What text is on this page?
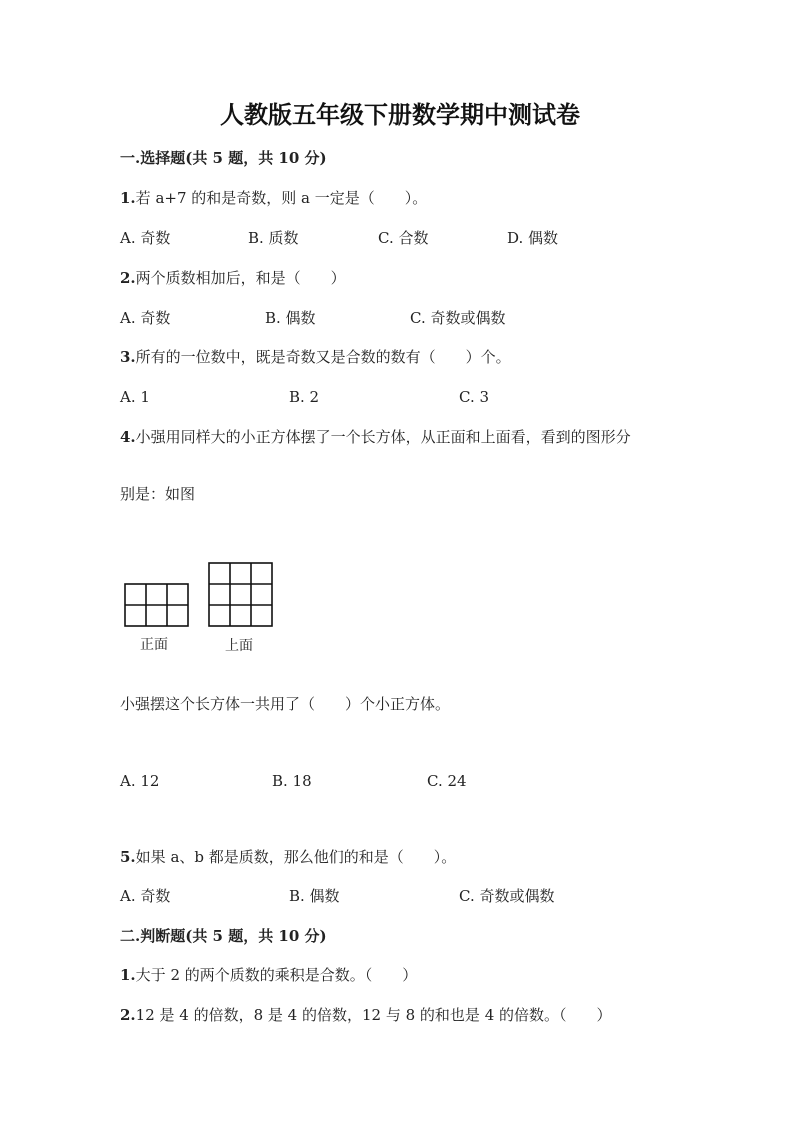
人教版五年级下册数学期中测试卷
一.选择题(共 5 题，共 10 分)
1.若 a+7 的和是奇数，则 a 一定是（　　）。
A. 奇数	B. 质数	C. 合数	D. 偶数
2.两个质数相加后，和是（　　）
A. 奇数	B. 偶数	C. 奇数或偶数
3.所有的一位数中，既是奇数又是合数的数有（　　）个。
A. 1	B. 2	C. 3
4.小强用同样大的小正方体摆了一个长方体，从正面和上面看，看到的图形分
别是：如图
正面	上面
小强摆这个长方体一共用了（　　）个小正方体。
A. 12	B. 18	C. 24
5.如果 a、b 都是质数，那么他们的和是（　　）。
A. 奇数	B. 偶数	C. 奇数或偶数
二.判断题(共 5 题，共 10 分)
1.大于 2 的两个质数的乘积是合数。（　　）
2.12 是 4 的倍数，8 是 4 的倍数，12 与 8 的和也是 4 的倍数。（　　）
